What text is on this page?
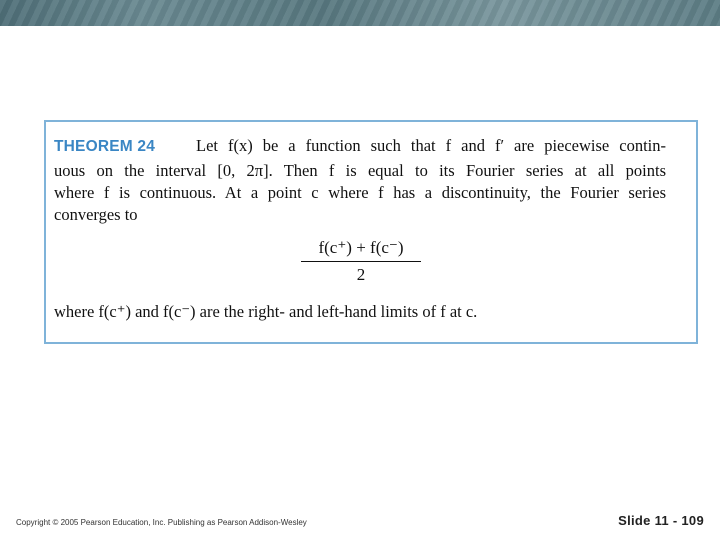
THEOREM 24 Let f(x) be a function such that f and f′ are piecewise contin-
uous on the interval [0, 2π]. Then f is equal to its Fourier series at all points
where f is continuous. At a point c where f has a discontinuity, the Fourier series
converges to
f(c⁺) + f(c⁻)
2
where f(c⁺) and f(c⁻) are the right- and left-hand limits of f at c.
Copyright © 2005 Pearson Education, Inc. Publishing as Pearson Addison-Wesley	Slide 11 - 109
